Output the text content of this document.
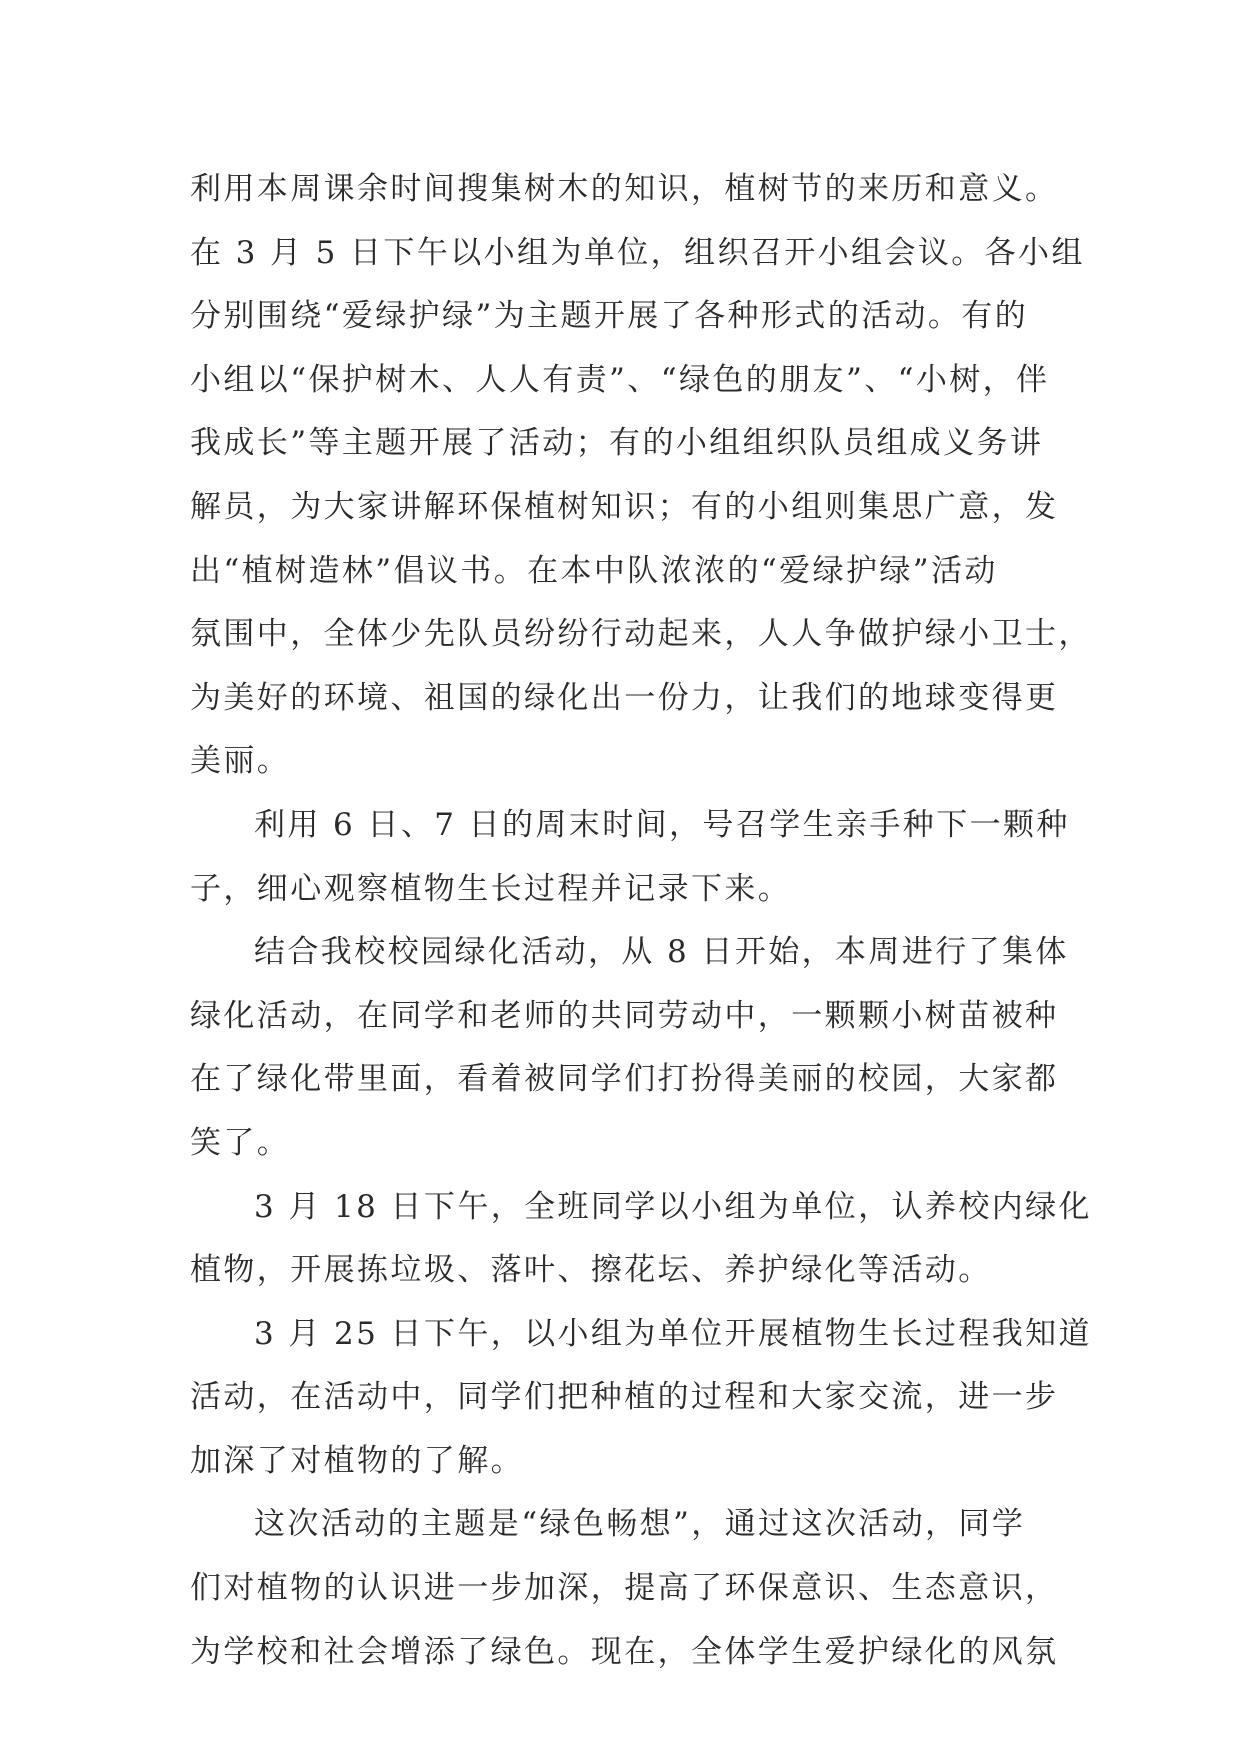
利用本周课余时间搜集树木的知识，植树节的来历和意义。
在 3 月 5 日下午以小组为单位，组织召开小组会议。各小组
分别围绕“爱绿护绿”为主题开展了各种形式的活动。有的
小组以“保护树木、人人有责”、“绿色的朋友”、“小树，伴
我成长”等主题开展了活动；有的小组组织队员组成义务讲
解员，为大家讲解环保植树知识；有的小组则集思广意，发
出“植树造林”倡议书。在本中队浓浓的“爱绿护绿”活动
氛围中，全体少先队员纷纷行动起来，人人争做护绿小卫士，
为美好的环境、祖国的绿化出一份力，让我们的地球变得更
美丽。
利用 6 日、7 日的周末时间，号召学生亲手种下一颗种
子，细心观察植物生长过程并记录下来。
结合我校校园绿化活动，从 8 日开始，本周进行了集体
绿化活动，在同学和老师的共同劳动中，一颗颗小树苗被种
在了绿化带里面，看着被同学们打扮得美丽的校园，大家都
笑了。
3 月 18 日下午，全班同学以小组为单位，认养校内绿化
植物，开展拣垃圾、落叶、擦花坛、养护绿化等活动。
3 月 25 日下午，以小组为单位开展植物生长过程我知道
活动，在活动中，同学们把种植的过程和大家交流，进一步
加深了对植物的了解。
这次活动的主题是“绿色畅想”，通过这次活动，同学
们对植物的认识进一步加深，提高了环保意识、生态意识，
为学校和社会增添了绿色。现在，全体学生爱护绿化的风氛
